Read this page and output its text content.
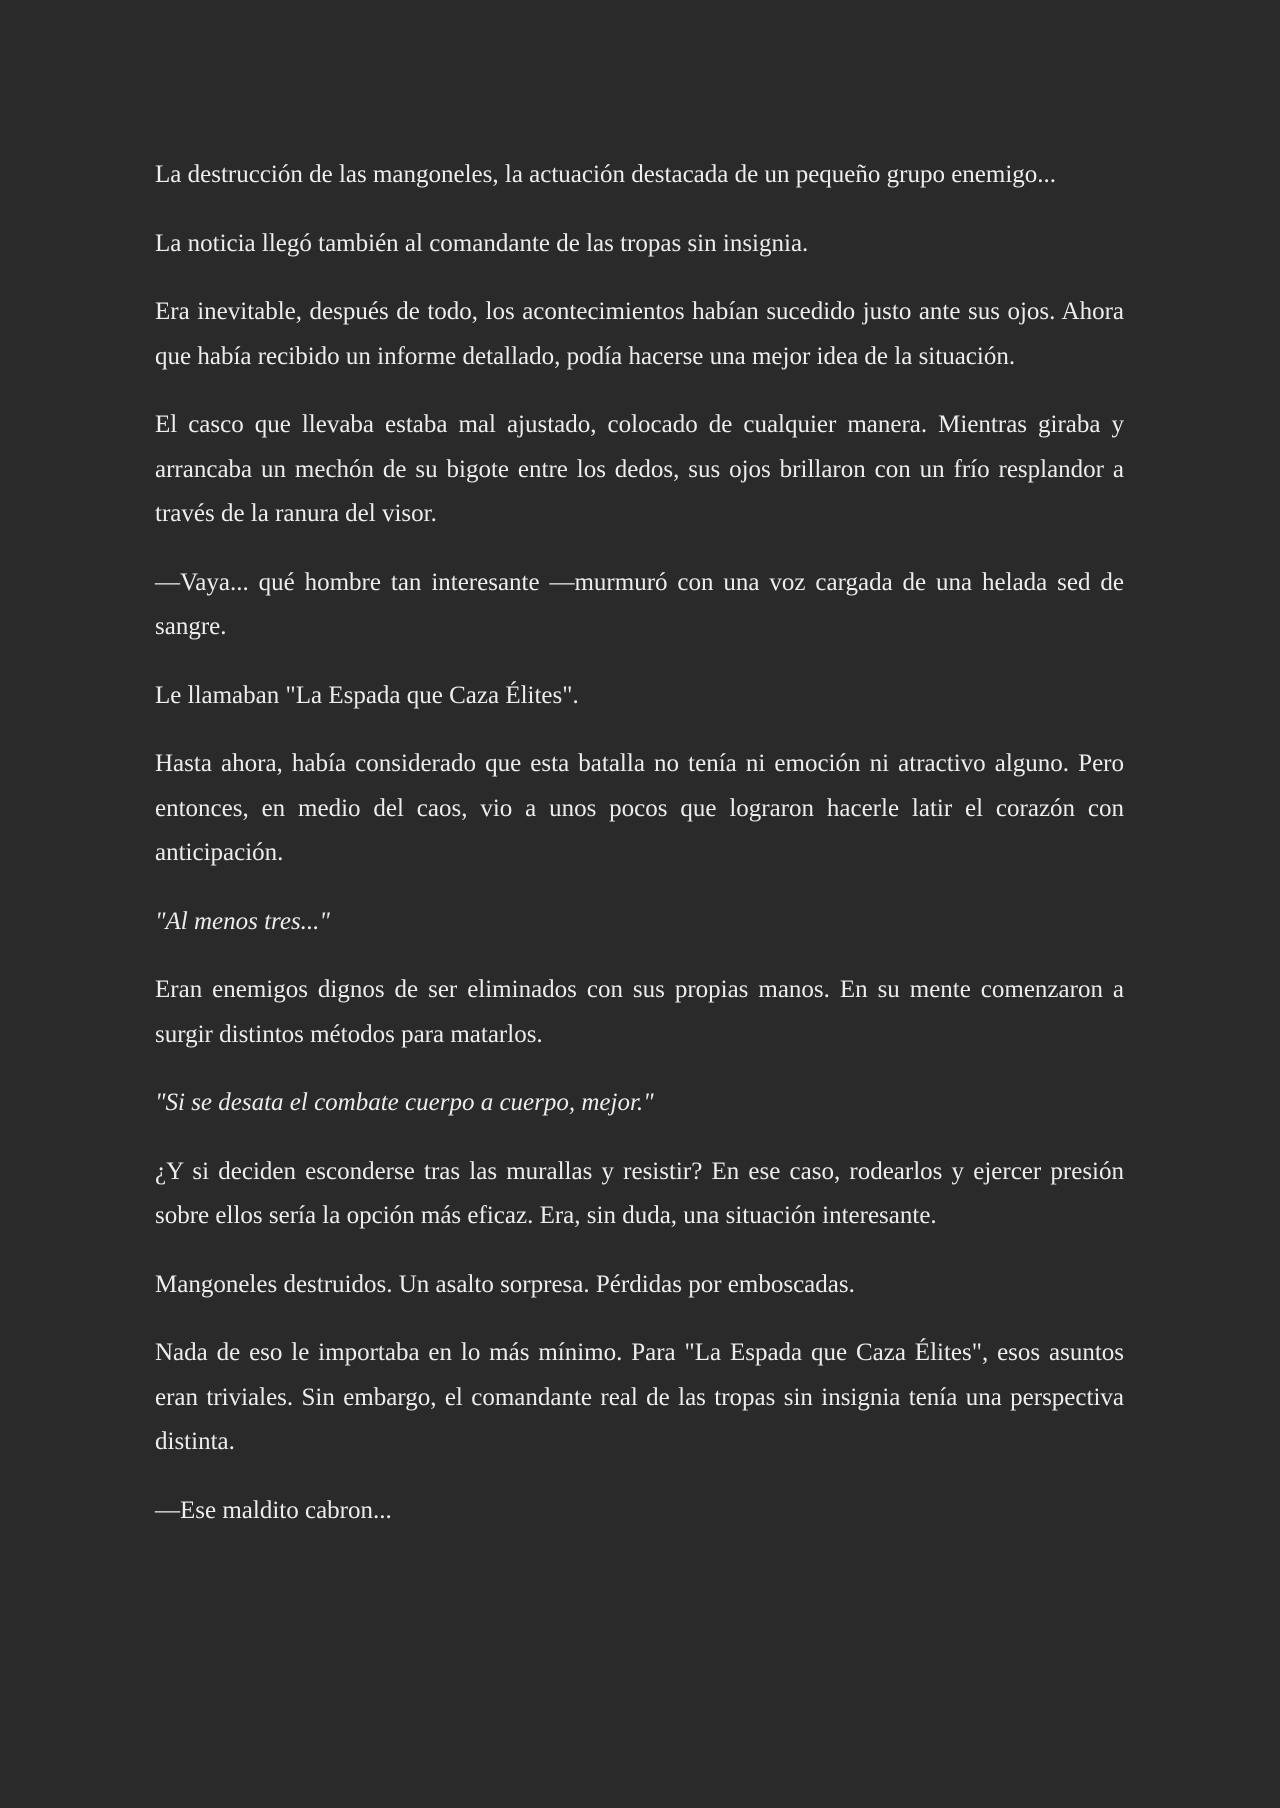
La destrucción de las mangoneles, la actuación destacada de un pequeño grupo enemigo...

La noticia llegó también al comandante de las tropas sin insignia.

Era inevitable, después de todo, los acontecimientos habían sucedido justo ante sus ojos. Ahora que había recibido un informe detallado, podía hacerse una mejor idea de la situación.

El casco que llevaba estaba mal ajustado, colocado de cualquier manera. Mientras giraba y arrancaba un mechón de su bigote entre los dedos, sus ojos brillaron con un frío resplandor a través de la ranura del visor.

—Vaya... qué hombre tan interesante —murmuró con una voz cargada de una helada sed de sangre.

Le llamaban "La Espada que Caza Élites".

Hasta ahora, había considerado que esta batalla no tenía ni emoción ni atractivo alguno. Pero entonces, en medio del caos, vio a unos pocos que lograron hacerle latir el corazón con anticipación.

"Al menos tres..."

Eran enemigos dignos de ser eliminados con sus propias manos. En su mente comenzaron a surgir distintos métodos para matarlos.

"Si se desata el combate cuerpo a cuerpo, mejor."

¿Y si deciden esconderse tras las murallas y resistir? En ese caso, rodearlos y ejercer presión sobre ellos sería la opción más eficaz. Era, sin duda, una situación interesante.

Mangoneles destruidos. Un asalto sorpresa. Pérdidas por emboscadas.

Nada de eso le importaba en lo más mínimo. Para "La Espada que Caza Élites", esos asuntos eran triviales. Sin embargo, el comandante real de las tropas sin insignia tenía una perspectiva distinta.

—Ese maldito cabron...
